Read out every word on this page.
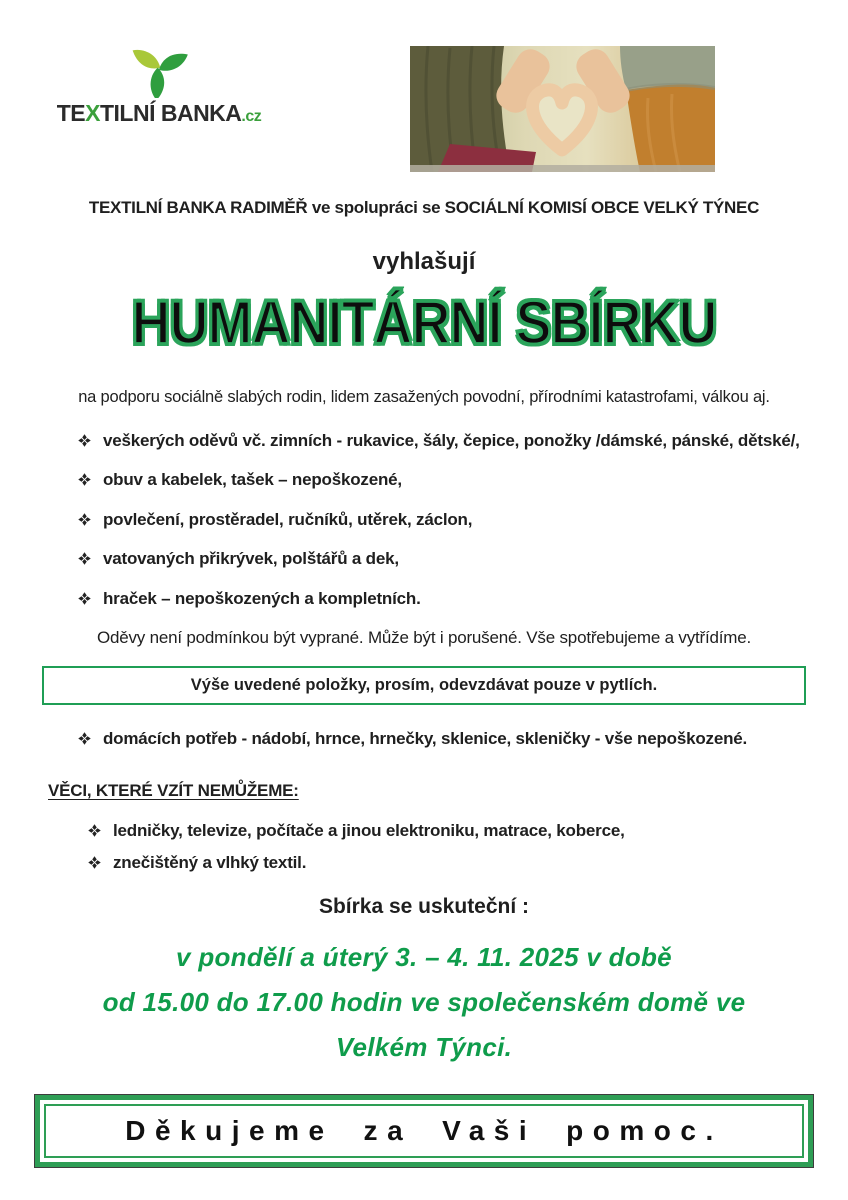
TEXTILNÍ BANKA.cz
TEXTILNÍ BANKA RADIMĚŘ ve spolupráci se SOCIÁLNÍ KOMISÍ OBCE VELKÝ TÝNEC
vyhlašují
HUMANITÁRNÍ SBÍRKU
na podporu sociálně slabých rodin, lidem zasažených povodní, přírodními katastrofami, válkou aj.
veškerých oděvů vč. zimních - rukavice, šály, čepice, ponožky /dámské, pánské, dětské/,
obuv a kabelek, tašek – nepoškozené,
povlečení, prostěradel, ručníků, utěrek, záclon,
vatovaných přikrývek, polštářů a dek,
hraček – nepoškozených a kompletních.
Oděvy není podmínkou být vyprané. Může být i porušené. Vše spotřebujeme a vytřídíme.
Výše uvedené položky, prosím, odevzdávat pouze v pytlích.
domácích potřeb - nádobí, hrnce, hrnečky, sklenice, skleničky - vše nepoškozené.
VĚCI, KTERÉ VZÍT NEMŮŽEME:
ledničky, televize, počítače a jinou elektroniku, matrace, koberce,
znečištěný a vlhký textil.
Sbírka se uskuteční :
v pondělí a úterý 3. – 4. 11. 2025 v době
od 15.00 do 17.00 hodin ve společenském domě ve
Velkém Týnci.
Děkujeme za Vaši pomoc.
